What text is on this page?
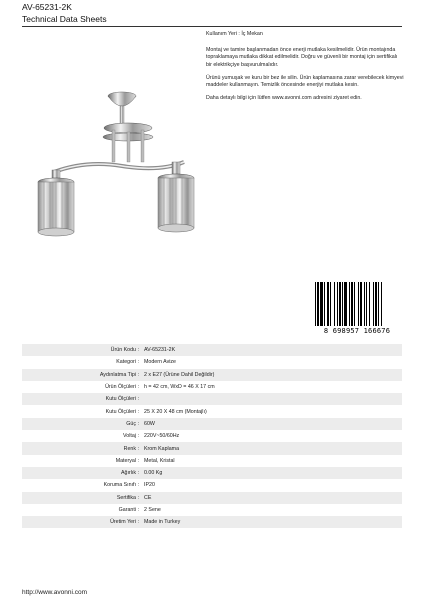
AV-65231-2K
Technical Data Sheets

Kullanım Yeri : İç Mekan

Montaj ve tamire başlanmadan önce enerji mutlaka kesilmelidir. Ürün montajında topraklamaya mutlaka dikkat edilmelidir. Doğru ve güvenli bir montaj için sertifikalı bir elektrikçiye başvurulmalıdır.

Ürünü yumuşak ve kuru bir bez ile silin. Ürün kaplamasına zarar verebilecek kimyevi maddeler kullanmayın. Temizlik öncesinde enerjiyi mutlaka kesin.

Daha detaylı bilgi için lütfen www.avonni.com adresini ziyaret edin.

8 698957 166676
Ürün Kodu	:	AV-65231-2K
Kategori	:	Modern Avize
Aydınlatma Tipi	:	2 x E27 (Ürüne Dahil Değildir)
Ürün Ölçüleri	:	h = 42 cm, WxD = 46 X 17 cm
Kutu Ölçüleri	:	
Kutu Ölçüleri	:	25 X 20 X 48 cm (Montajlı)
Güç	:	60W
Voltaj	:	220V~50/60Hz
Renk	:	Krom Kaplama
Materyal	:	Metal, Kristal
Ağırlık	:	0.00 Kg
Koruma Sınıfı	:	IP20
Sertifika	:	CE
Garanti	:	2 Sene
Üretim Yeri	:	Made in Turkey
http://www.avonni.com
